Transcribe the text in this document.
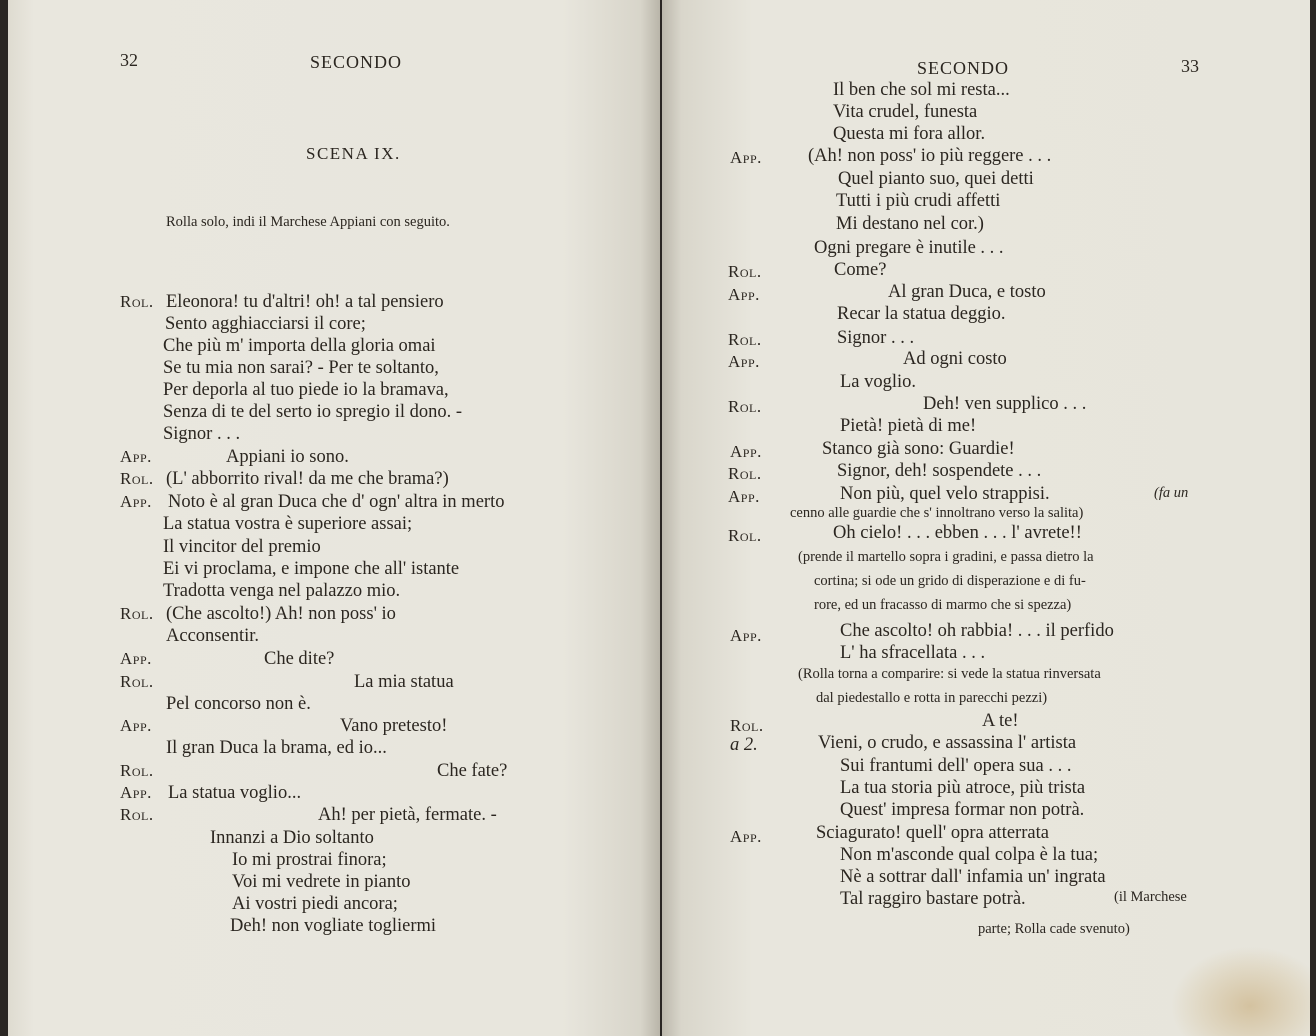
32	SECONDO
SCENA IX.
Rolla solo, indi il Marchese Appiani con seguito.
Rol. Eleonora! tu d'altri! oh! a tal pensiero
Sento agghiacciarsi il core;
Che più m' importa della gloria omai
Se tu mia non sarai? - Per te soltanto,
Per deporla al tuo piede io la bramava,
Senza di te del serto io spregio il dono. -
Signor . . .
App.	Appiani io sono.
Rol. (L' abborrito rival! da me che brama?)
App. Noto è al gran Duca che d' ogn' altra in merto
La statua vostra è superiore assai;
Il vincitor del premio
Ei vi proclama, e impone che all' istante
Tradotta venga nel palazzo mio.
Rol. (Che ascolto!) Ah! non poss' io
Acconsentir.
App.	Che dite?
Rol.	La mia statua
Pel concorso non è.
App.	Vano pretesto!
Il gran Duca la brama, ed io...
Rol.	Che fate?
App. La statua voglio...
Rol.	Ah! per pietà, fermate. -
Innanzi a Dio soltanto
Io mi prostrai finora;
Voi mi vedrete in pianto
Ai vostri piedi ancora;
Deh! non vogliate togliermi
SECONDO	33
Il ben che sol mi resta...
Vita crudel, funesta
Questa mi fora allor.
App. (Ah! non poss' io più reggere . . .
Quel pianto suo, quei detti
Tutti i più crudi affetti
Mi destano nel cor.)
Ogni pregare è inutile . . .
Rol.	Come?
App.	Al gran Duca, e tosto
Recar la statua deggio.
Rol.	Signor . . .
App.	Ad ogni costo
La voglio.
Rol.	Deh! ven supplico . . .
Pietà! pietà di me!
App.	Stanco già sono: Guardie!
Rol.	Signor, deh! sospendete . . .
App.	Non più, quel velo strappisi.	(fa un
cenno alle guardie che s' innoltrano verso la salita)
Rol.	Oh cielo! . . . ebben . . . l' avrete!!
(prende il martello sopra i gradini, e passa dietro la
cortina; si ode un grido di disperazione e di fu-
rore, ed un fracasso di marmo che si spezza)
App.	Che ascolto! oh rabbia! . . . il perfido
L' ha sfracellata . . .
(Rolla torna a comparire: si vede la statua rinversata
dal piedestallo e rotta in parecchi pezzi)
Rol.	A te!
a 2.	Vieni, o crudo, e assassina l' artista
Sui frantumi dell' opera sua . . .
La tua storia più atroce, più trista
Quest' impresa formar non potrà.
App.	Sciagurato! quell' opra atterrata
Non m'asconde qual colpa è la tua;
Nè a sottrar dall' infamia un' ingrata
Tal raggiro bastare potrà.	(il Marchese
parte; Rolla cade svenuto)
